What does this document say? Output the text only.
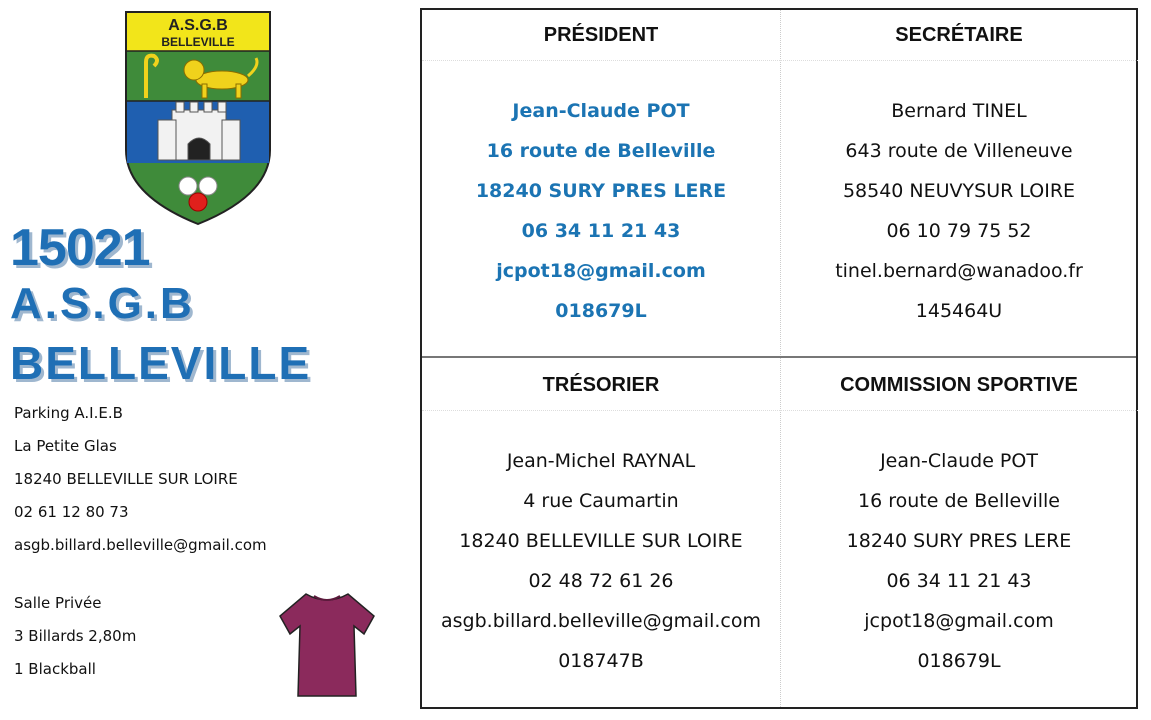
A.S.G.B
BELLEVILLE
15021
A.S.G.B
BELLEVILLE
Parking A.I.E.B
La Petite Glas
18240 BELLEVILLE SUR LOIRE
02 61 12 80 73
asgb.billard.belleville@gmail.com
Salle Privée
3 Billards 2,80m
1 Blackball
PRÉSIDENT
Jean-Claude POT
16 route de Belleville
18240 SURY PRES LERE
06 34 11 21 43
jcpot18@gmail.com
018679L
SECRÉTAIRE
Bernard TINEL
643 route de Villeneuve
58540 NEUVYSUR LOIRE
06 10 79 75 52
tinel.bernard@wanadoo.fr
145464U
TRÉSORIER
Jean-Michel RAYNAL
4 rue Caumartin
18240 BELLEVILLE SUR LOIRE
02 48 72 61 26
asgb.billard.belleville@gmail.com
018747B
COMMISSION SPORTIVE
Jean-Claude POT
16 route de Belleville
18240 SURY PRES LERE
06 34 11 21 43
jcpot18@gmail.com
018679L
